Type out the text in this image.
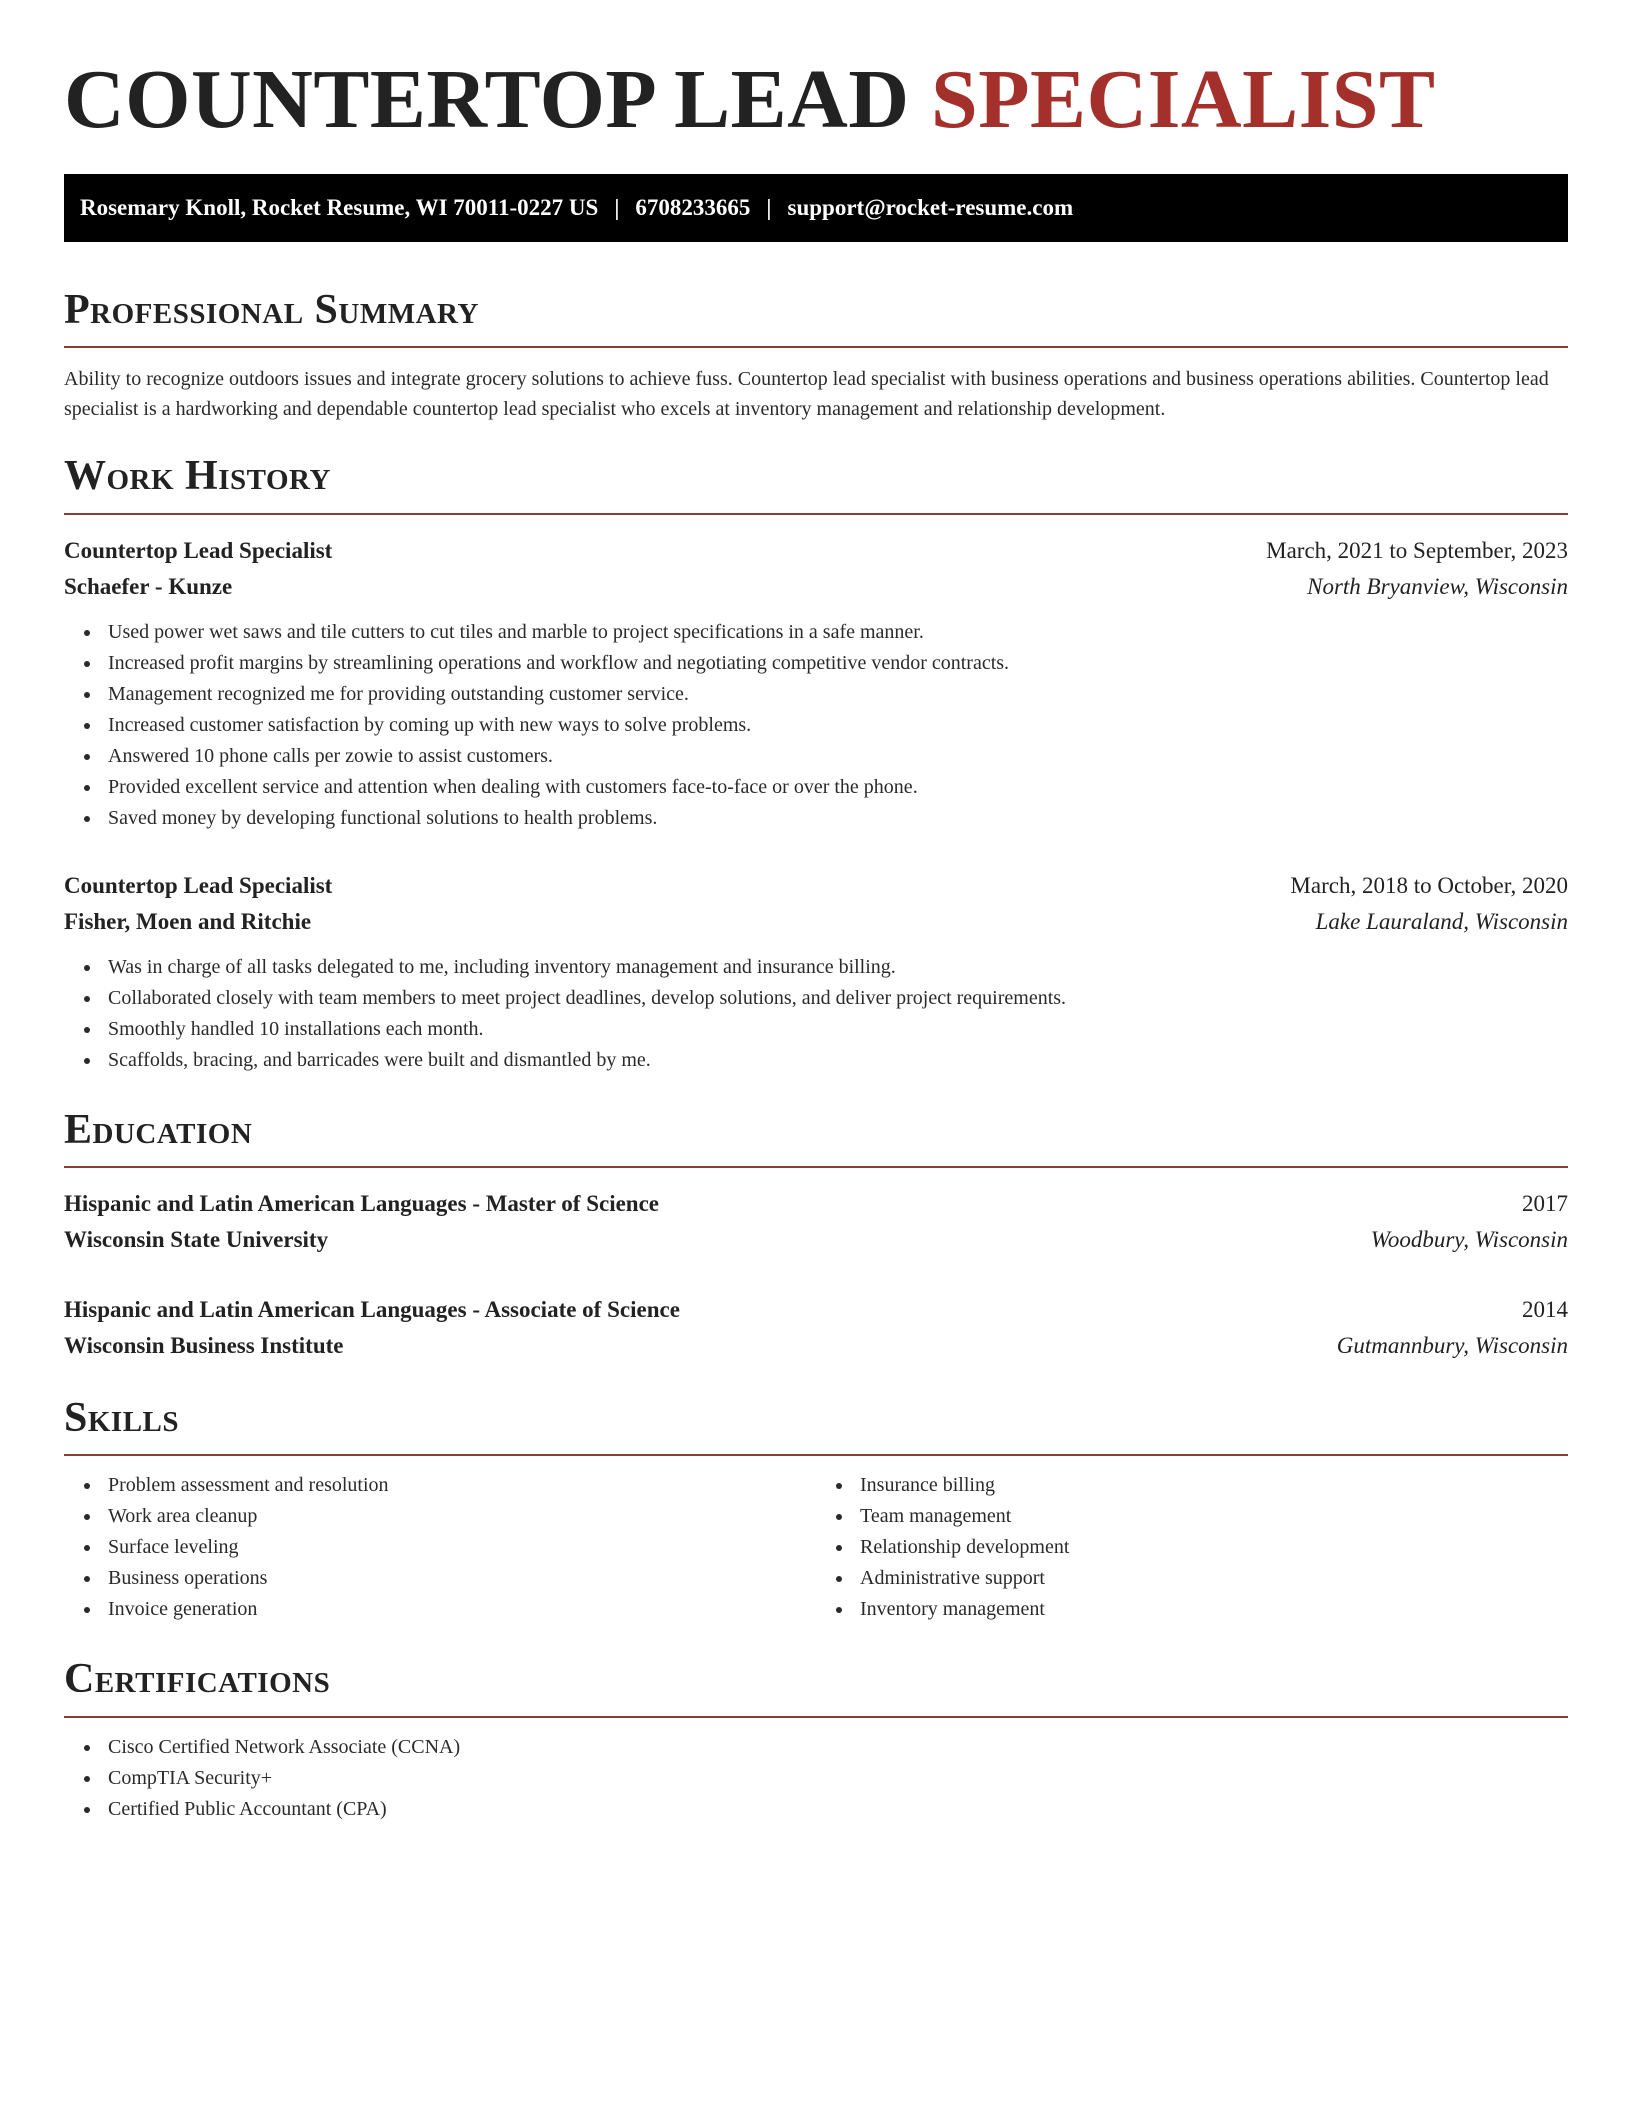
COUNTERTOP LEAD SPECIALIST
Rosemary Knoll, Rocket Resume, WI 70011-0227 US | 6708233665 | support@rocket-resume.com
Professional Summary

Ability to recognize outdoors issues and integrate grocery solutions to achieve fuss. Countertop lead specialist with business operations and business operations abilities. Countertop lead specialist is a hardworking and dependable countertop lead specialist who excels at inventory management and relationship development.

Work History
Countertop Lead Specialist	March, 2021 to September, 2023
Schaefer - Kunze	North Bryanview, Wisconsin
Used power wet saws and tile cutters to cut tiles and marble to project specifications in a safe manner.
Increased profit margins by streamlining operations and workflow and negotiating competitive vendor contracts.
Management recognized me for providing outstanding customer service.
Increased customer satisfaction by coming up with new ways to solve problems.
Answered 10 phone calls per zowie to assist customers.
Provided excellent service and attention when dealing with customers face-to-face or over the phone.
Saved money by developing functional solutions to health problems.
Countertop Lead Specialist	March, 2018 to October, 2020
Fisher, Moen and Ritchie	Lake Lauraland, Wisconsin
Was in charge of all tasks delegated to me, including inventory management and insurance billing.
Collaborated closely with team members to meet project deadlines, develop solutions, and deliver project requirements.
Smoothly handled 10 installations each month.
Scaffolds, bracing, and barricades were built and dismantled by me.
Education
Hispanic and Latin American Languages - Master of Science	2017
Wisconsin State University	Woodbury, Wisconsin
Hispanic and Latin American Languages - Associate of Science	2014
Wisconsin Business Institute	Gutmannbury, Wisconsin
Skills
Problem assessment and resolution
Work area cleanup
Surface leveling
Business operations
Invoice generation
Insurance billing
Team management
Relationship development
Administrative support
Inventory management
Certifications
Cisco Certified Network Associate (CCNA)
CompTIA Security+
Certified Public Accountant (CPA)
